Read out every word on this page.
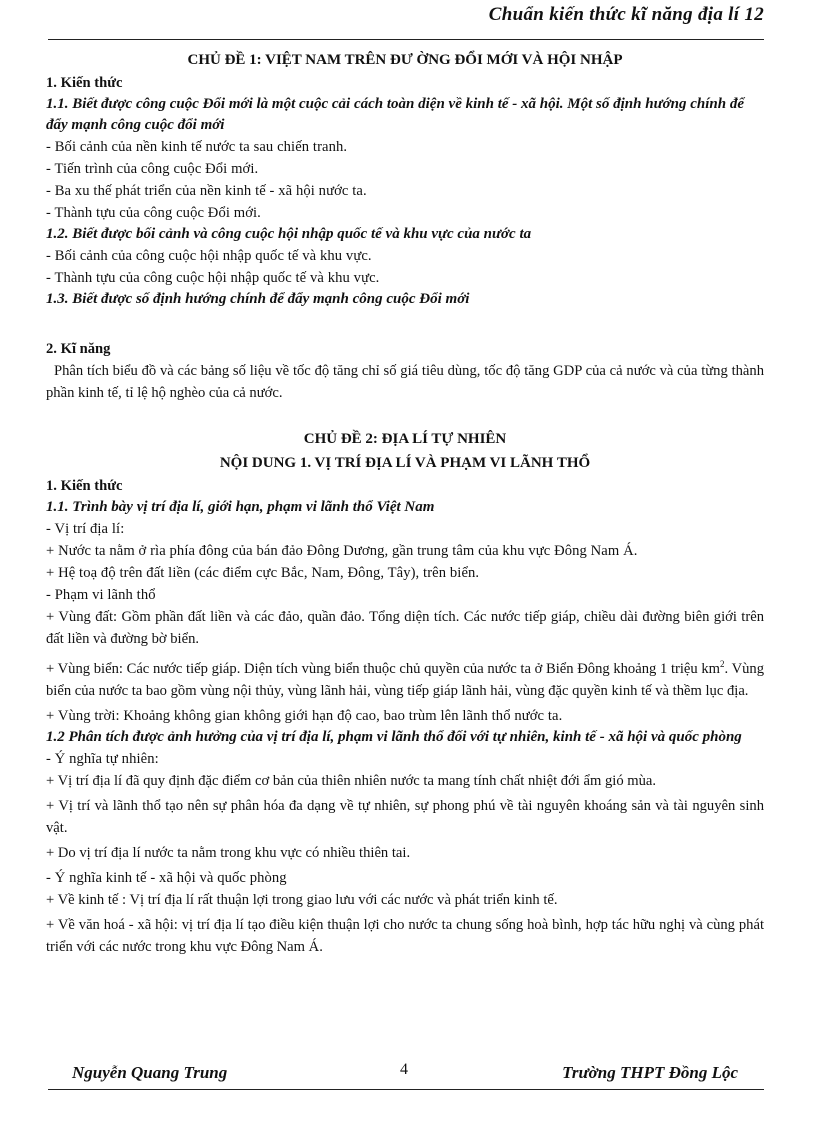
Chuẩn kiến thức kĩ năng địa lí 12
CHỦ ĐỀ 1: VIỆT NAM TRÊN ĐƯ ỜNG ĐỔI MỚI VÀ HỘI NHẬP
1. Kiến thức
1.1. Biết được công cuộc Đổi mới là một cuộc cải cách toàn diện về kinh tế - xã hội. Một số định hướng chính để đẩy mạnh công cuộc đổi mới
- Bối cảnh của nền kinh tế nước ta sau chiến tranh.
- Tiến trình của công cuộc Đổi mới.
- Ba xu thế phát triển của nền kinh tế - xã hội nước ta.
- Thành tựu của công cuộc Đổi mới.
1.2. Biết được bối cảnh và công cuộc hội nhập quốc tế và khu vực của nước ta
- Bối cảnh của công cuộc hội nhập quốc tế và khu vực.
- Thành tựu của công cuộc hội nhập quốc tế và khu vực.
1.3. Biết được số định hướng chính để đẩy mạnh công cuộc Đổi mới
2. Kĩ năng
Phân tích biểu đồ và các bảng số liệu về tốc độ tăng chỉ số giá tiêu dùng, tốc độ tăng GDP của cả nước và của từng thành phần kinh tế, tỉ lệ hộ nghèo của cả nước.
CHỦ ĐỀ 2: ĐỊA LÍ TỰ NHIÊN
NỘI DUNG 1. VỊ TRÍ ĐỊA LÍ VÀ PHẠM VI LÃNH THỔ
1. Kiến thức
1.1. Trình bày vị trí địa lí, giới hạn, phạm vi lãnh thổ Việt Nam
- Vị trí địa lí:
+ Nước ta nằm ở rìa phía đông của bán đảo Đông Dương, gần trung tâm của khu vực Đông Nam Á.
+ Hệ toạ độ trên đất liền (các điểm cực Bắc, Nam, Đông, Tây), trên biển.
- Phạm vi lãnh thổ
+ Vùng đất: Gồm phần đất liền và các đảo, quần đảo. Tổng diện tích. Các nước tiếp giáp, chiều dài đường biên giới trên đất liền và đường bờ biển.
+ Vùng biển: Các nước tiếp giáp. Diện tích vùng biển thuộc chủ quyền của nước ta ở Biển Đông khoảng 1 triệu $km^2$. Vùng biển của nước ta bao gồm vùng nội thủy, vùng lãnh hải, vùng tiếp giáp lãnh hải, vùng đặc quyền kinh tế và thềm lục địa.
+ Vùng trời: Khoảng không gian không giới hạn độ cao, bao trùm lên lãnh thổ nước ta.
1.2 Phân tích được ảnh hưởng của vị trí địa lí, phạm vi lãnh thổ đối với tự nhiên, kinh tế - xã hội và quốc phòng
- Ý nghĩa tự nhiên:
+ Vị trí địa lí đã quy định đặc điểm cơ bản của thiên nhiên nước ta mang tính chất nhiệt đới ẩm gió mùa.
+ Vị trí và lãnh thổ tạo nên sự phân hóa đa dạng về tự nhiên, sự phong phú về tài nguyên khoáng sản và tài nguyên sinh vật.
+ Do vị trí địa lí nước ta nằm trong khu vực có nhiều thiên tai.
- Ý nghĩa kinh tế - xã hội và quốc phòng
+ Về kinh tế : Vị trí địa lí rất thuận lợi trong giao lưu với các nước và phát triển kinh tế.
+ Về văn hoá - xã hội: vị trí địa lí tạo điều kiện thuận lợi cho nước ta chung sống hoà bình, hợp tác hữu nghị và cùng phát triển với các nước trong khu vực Đông Nam Á.
Nguyễn Quang Trung	4	Trường THPT Đồng Lộc
